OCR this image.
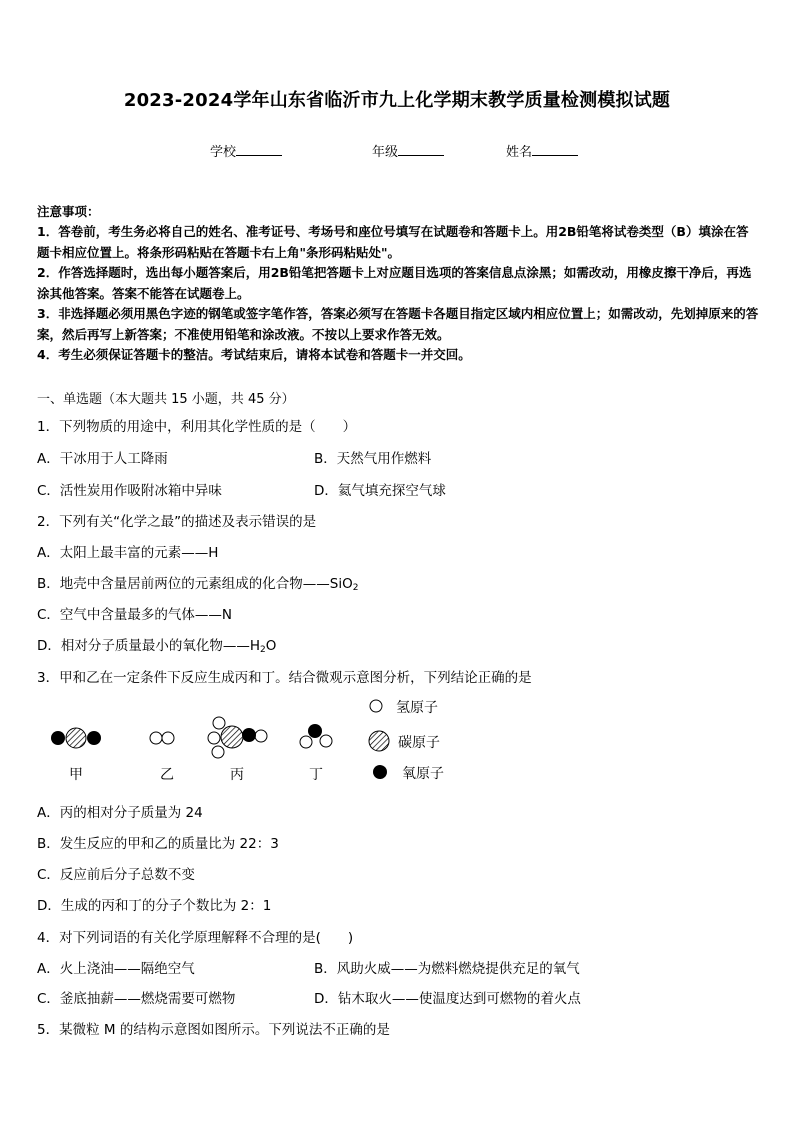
2023-2024学年山东省临沂市九上化学期末教学质量检测模拟试题
学校	年级	姓名
注意事项：

1．答卷前，考生务必将自己的姓名、准考证号、考场号和座位号填写在试题卷和答题卡上。用2B铅笔将试卷类型（B）填涂在答题卡相应位置上。将条形码粘贴在答题卡右上角"条形码粘贴处"。

2．作答选择题时，选出每小题答案后，用2B铅笔把答题卡上对应题目选项的答案信息点涂黑；如需改动，用橡皮擦干净后，再选涂其他答案。答案不能答在试题卷上。

3．非选择题必须用黑色字迹的钢笔或签字笔作答，答案必须写在答题卡各题目指定区域内相应位置上；如需改动，先划掉原来的答案，然后再写上新答案；不准使用铅笔和涂改液。不按以上要求作答无效。

4．考生必须保证答题卡的整洁。考试结束后，请将本试卷和答题卡一并交回。

一、单选题（本大题共 15 小题，共 45 分）
1．下列物质的用途中，利用其化学性质的是（　　）
A．干冰用于人工降雨	B．天然气用作燃料
C．活性炭用作吸附冰箱中异味	D．氦气填充探空气球
2．下列有关“化学之最”的描述及表示错误的是
A．太阳上最丰富的元素——H
B．地壳中含量居前两位的元素组成的化合物——SiO$_2$
C．空气中含量最多的气体——N
D．相对分子质量最小的氧化物$——H_2O$
3．甲和乙在一定条件下反应生成丙和丁。结合微观示意图分析，下列结论正确的是
甲	乙	丙	丁
氢原子
碳原子
氧原子
A．丙的相对分子质量为 24
B．发生反应的甲和乙的质量比为 22：3
C．反应前后分子总数不变
D．生成的丙和丁的分子个数比为 2：1
4．对下列词语的有关化学原理解释不合理的是(　　)
A．火上浇油——隔绝空气	B．风助火威——为燃料燃烧提供充足的氧气
C．釜底抽薪——燃烧需要可燃物	D．钻木取火——使温度达到可燃物的着火点
5．某微粒 M 的结构示意图如图所示。下列说法不正确的是
